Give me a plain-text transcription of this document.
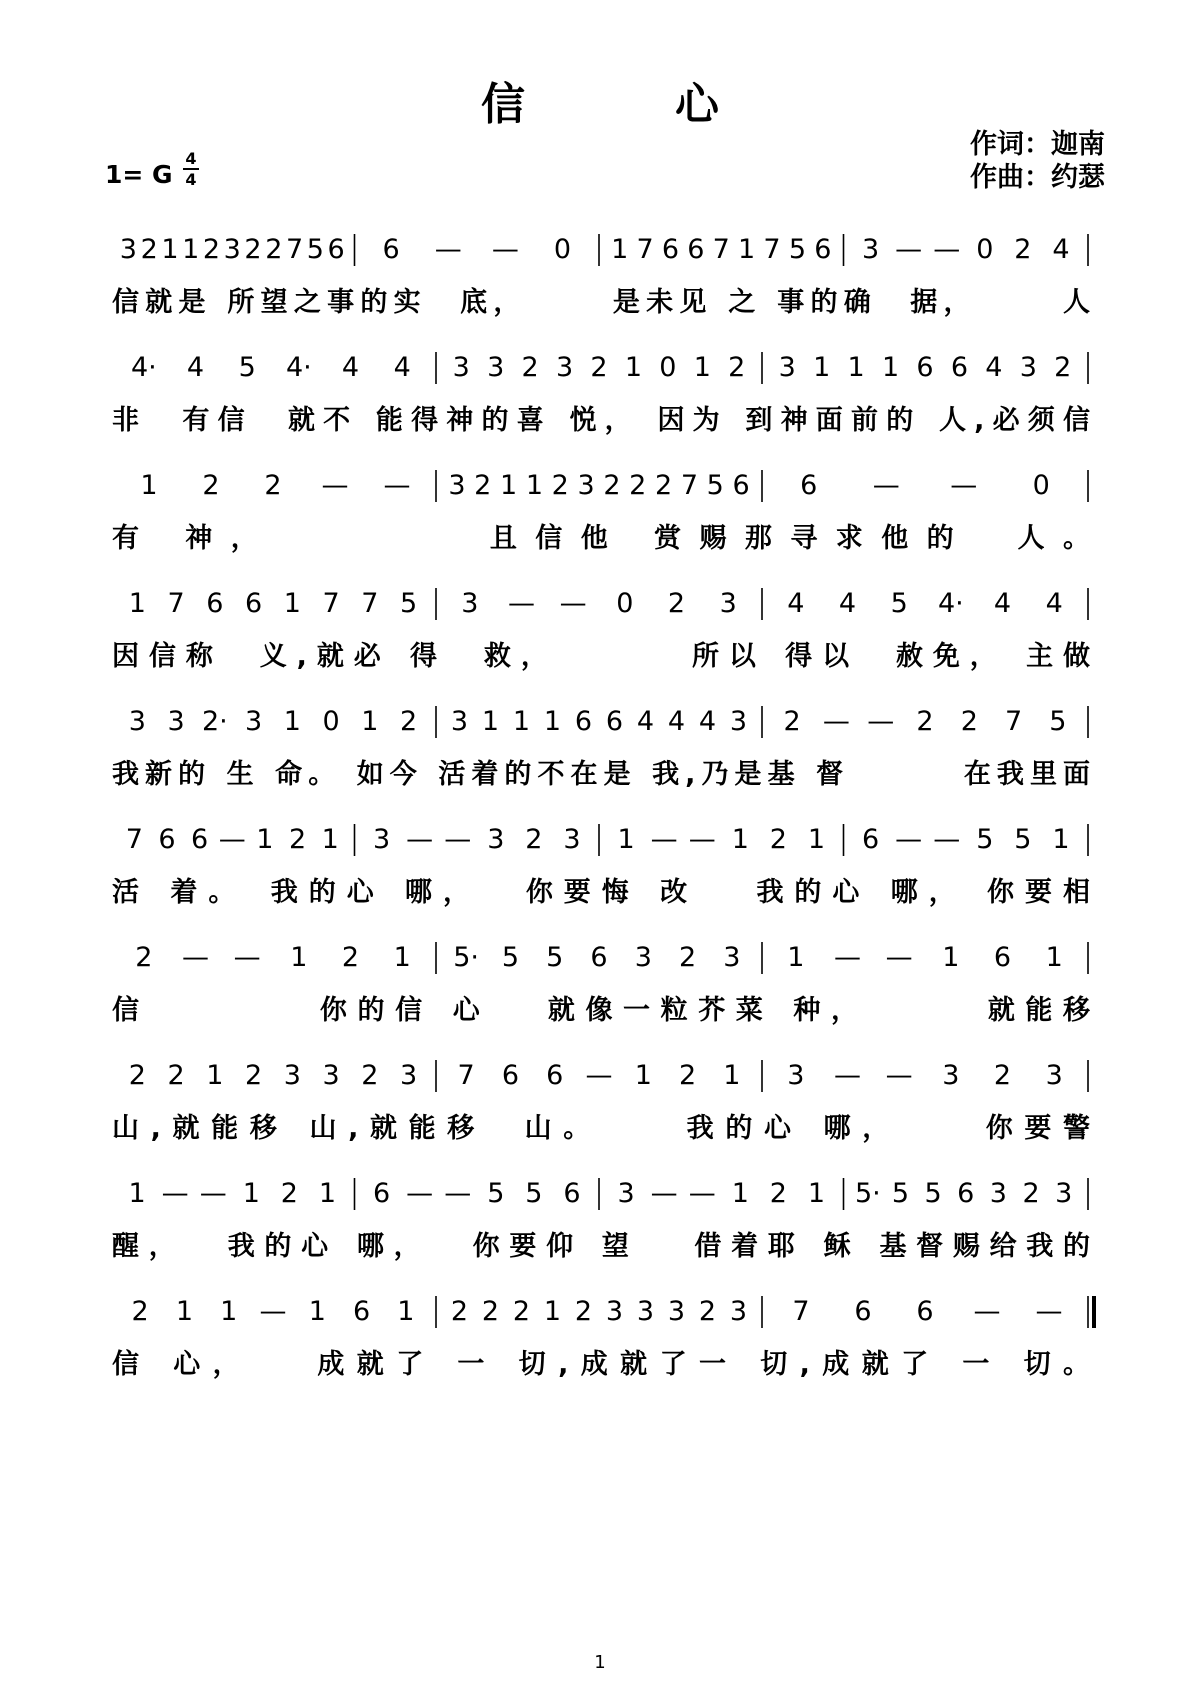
信	心
1= G
4
4
作词：迦南
作曲：约瑟
3 2 1 1 2 3 2 2 7 5 6 6 — — 0 1 7 6 6 7 1 7 5 6 3 — — 0 2 4
信就是 所望之事的实　底，　　　是未见 之 事的确　据，　　　人
4· 4 5 4· 4 4 3 3 2 3 2 1 0 1 2 3 1 1 1 6 6 4 3 2
非　有信　就不 能得神的喜 悦， 因为 到神面前的 人,必须信
1 2 2 — — 3 2 1 1 2 3 2 2 2 7 5 6 6 — — 0
有 神，　　　　　且信他 赏赐那寻求他的　人。
1 7 6 6 1 7 7 5 3 — — 0 2 3 4 4 5 4· 4 4
因信称　义,就必 得　救，　　　　所以 得以　赦免， 主做
3 3 2· 3 1 0 1 2 3 1 1 1 6 6 4 4 4 3 2 — — 2 2 7 5
我新的 生 命。 如今 活着的不在是 我,乃是基 督　　　 在我里面
7 6 6 — 1 2 1 3 — — 3 2 3 1 — — 1 2 1 6 — — 5 5 1
活 着。　我的心 哪，　 你要悔 改　 我的心 哪， 你要相
2 — — 1 2 1 5· 5 5 6 3 2 3 1 — — 1 6 1
信　　　　 你的信 心　 就像一粒芥菜 种，　　　 就能移
2 2 1 2 3 3 2 3 7 6 6 — 1 2 1 3 — — 3 2 3
山,就能移 山,就能移　山。　　 我的心 哪，　　 你要警
1 — — 1 2 1 6 — — 5 5 6 3 — — 1 2 1 5· 5 5 6 3 2 3
醒，　 我的心 哪，　 你要仰 望　 借着耶 稣 基督赐给我的
2 1 1 — 1 6 1 2 2 2 1 2 3 3 3 2 3 7 6 6 — —
信 心，　　成就了 一 切,成就了一 切,成就了 一 切。
1
